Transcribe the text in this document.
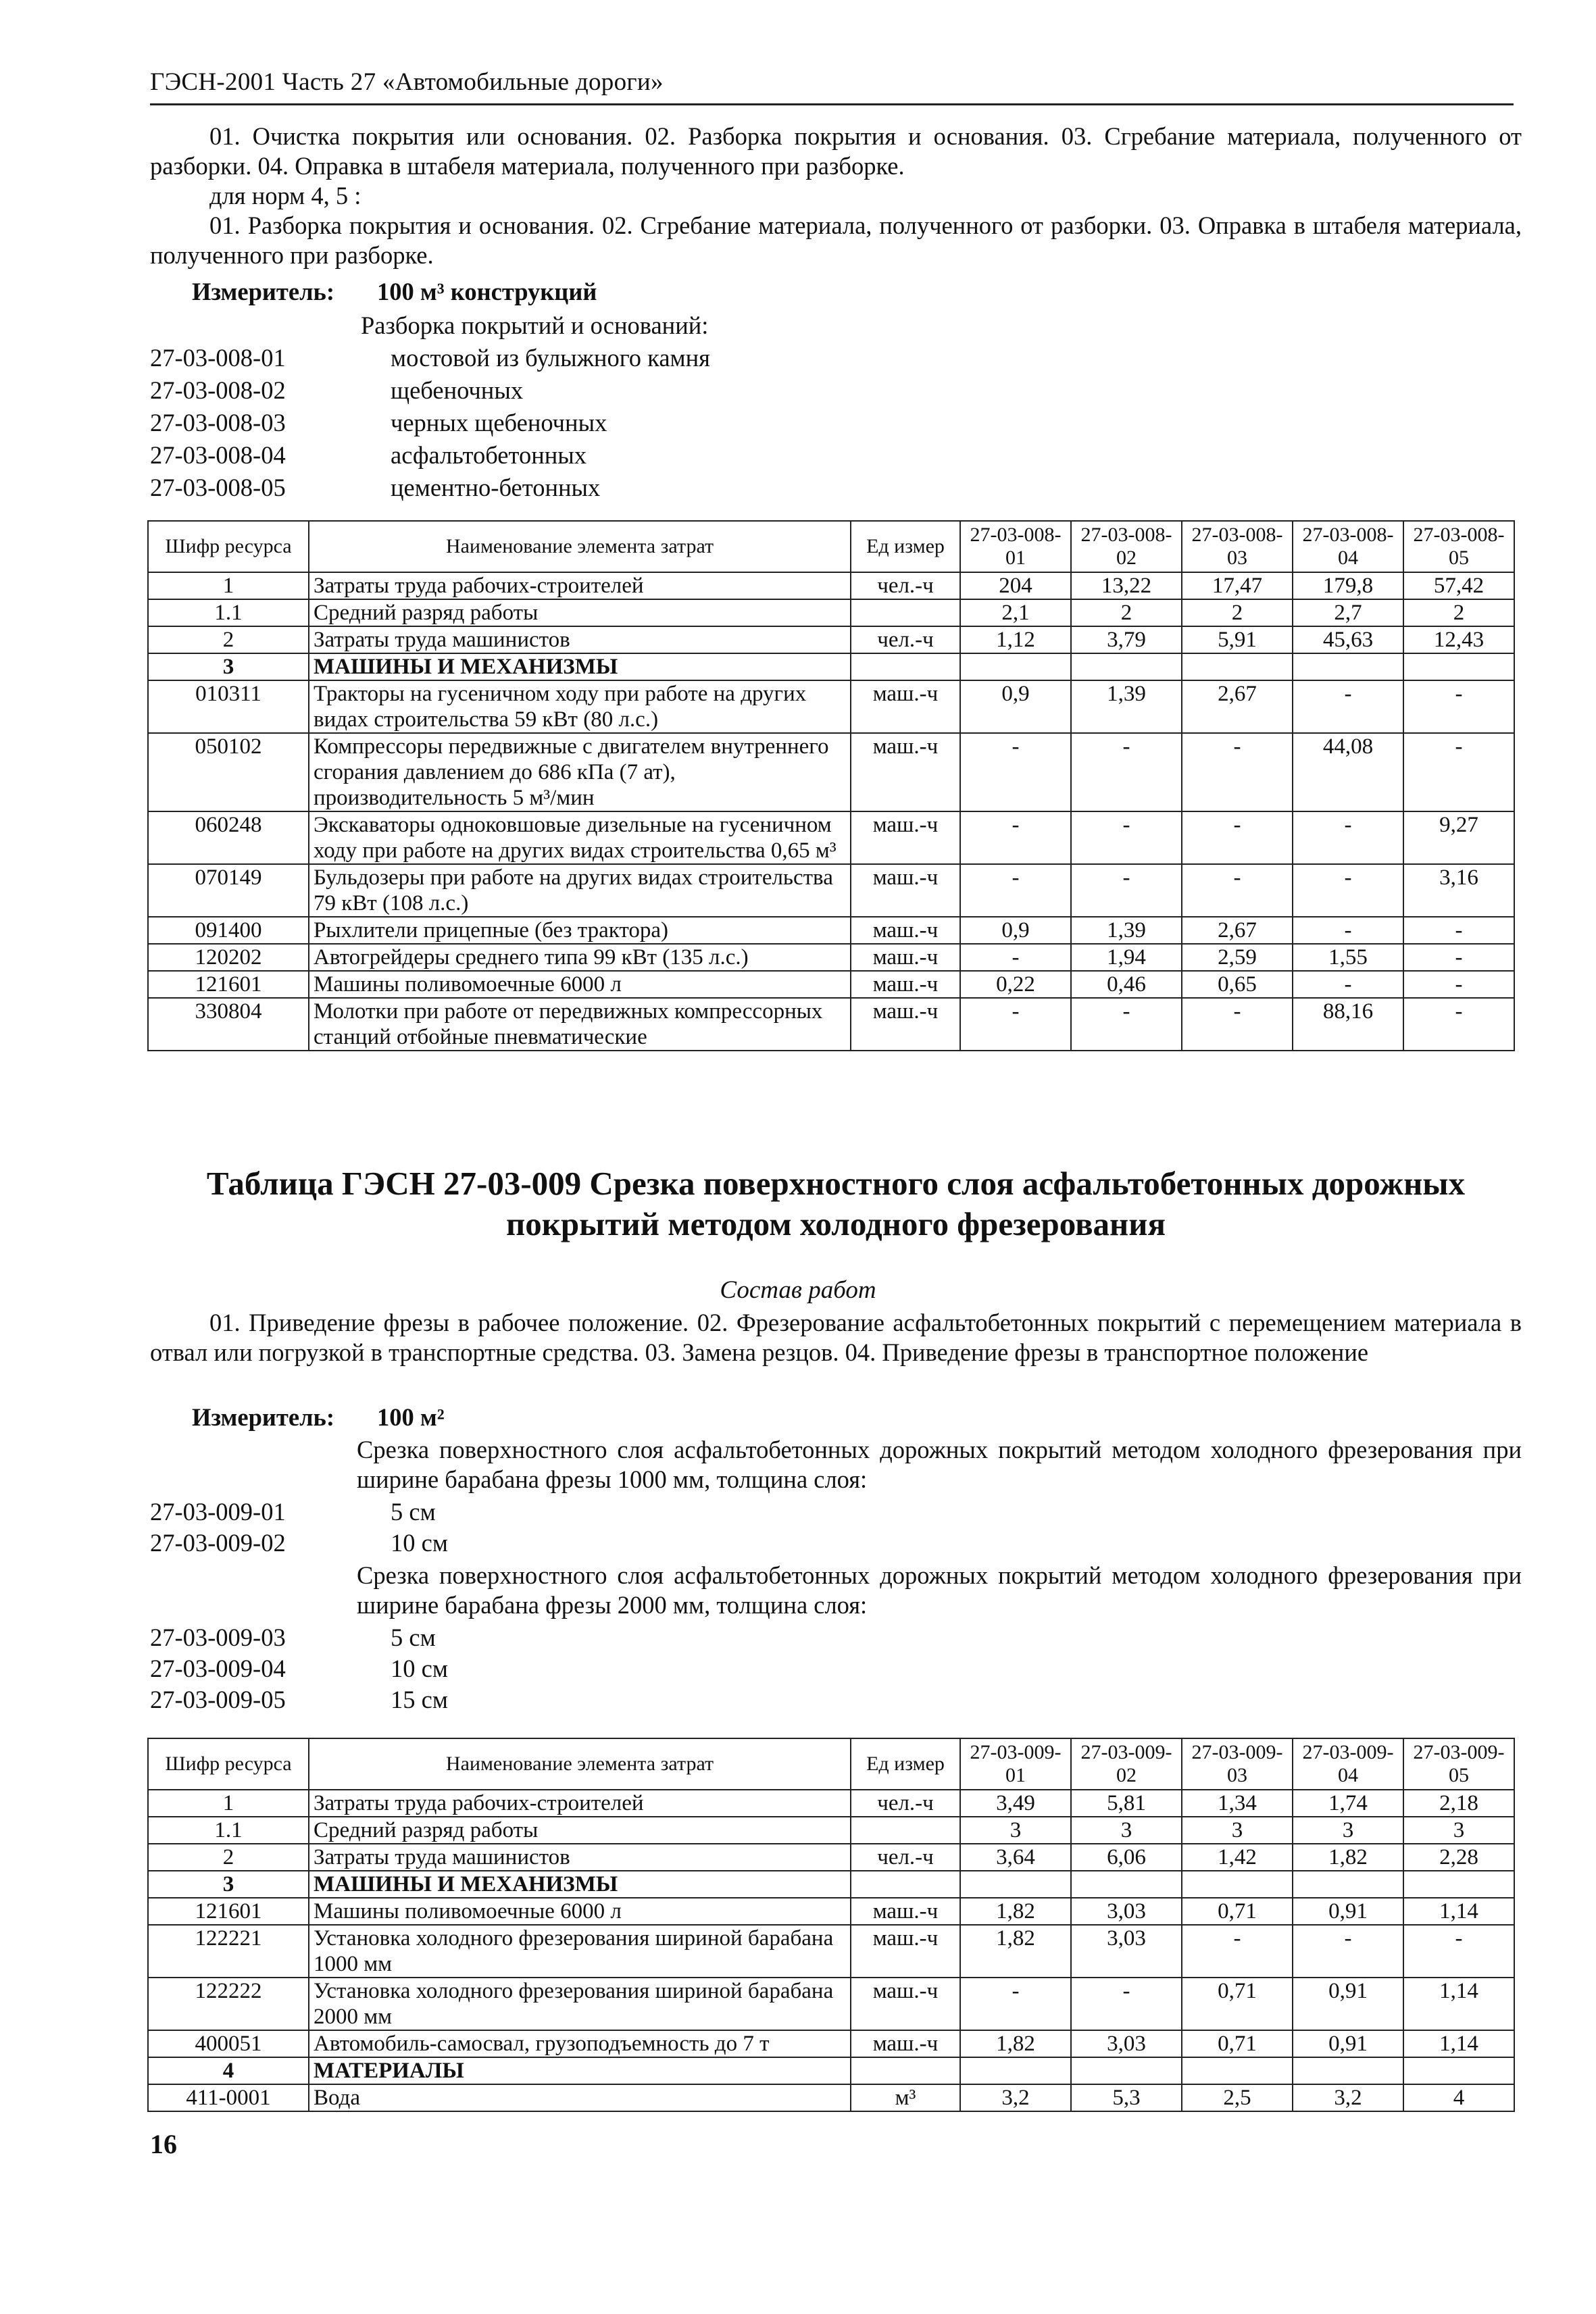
ГЭСН-2001 Часть 27 «Автомобильные дороги»
01. Очистка покрытия или основания. 02. Разборка покрытия и основания. 03. Сгребание материала, полученного от разборки. 04. Оправка в штабеля материала, полученного при разборке.
для норм 4, 5 :
01. Разборка покрытия и основания. 02. Сгребание материала, полученного от разборки. 03. Оправка в штабеля материала, полученного при разборке.
Измеритель: 100 м³ конструкций
Разборка покрытий и оснований:
27-03-008-01	мостовой из булыжного камня
27-03-008-02	щебеночных
27-03-008-03	черных щебеночных
27-03-008-04	асфальтобетонных
27-03-008-05	цементно-бетонных
Шифр ресурса	Наименование элемента затрат	Ед измер	27-03-008-01	27-03-008-02	27-03-008-03	27-03-008-04	27-03-008-05
1	Затраты труда рабочих-строителей	чел.-ч	204	13,22	17,47	179,8	57,42
1.1	Средний разряд работы		2,1	2	2	2,7	2
2	Затраты труда машинистов	чел.-ч	1,12	3,79	5,91	45,63	12,43
3	МАШИНЫ И МЕХАНИЗМЫ						
010311	Тракторы на гусеничном ходу при работе на других видах строительства 59 кВт (80 л.с.)	маш.-ч	0,9	1,39	2,67	-	-
050102	Компрессоры передвижные с двигателем внутреннего сгорания давлением до 686 кПа (7 ат), производительность 5 м³/мин	маш.-ч	-	-	-	44,08	-
060248	Экскаваторы одноковшовые дизельные на гусеничном ходу при работе на других видах строительства 0,65 м³	маш.-ч	-	-	-	-	9,27
070149	Бульдозеры при работе на других видах строительства 79 кВт (108 л.с.)	маш.-ч	-	-	-	-	3,16
091400	Рыхлители прицепные (без трактора)	маш.-ч	0,9	1,39	2,67	-	-
120202	Автогрейдеры среднего типа 99 кВт (135 л.с.)	маш.-ч	-	1,94	2,59	1,55	-
121601	Машины поливомоечные 6000 л	маш.-ч	0,22	0,46	0,65	-	-
330804	Молотки при работе от передвижных компрессорных станций отбойные пневматические	маш.-ч	-	-	-	88,16	-
Таблица ГЭСН 27-03-009 Срезка поверхностного слоя асфальтобетонных дорожных покрытий методом холодного фрезерования
Состав работ
01. Приведение фрезы в рабочее положение. 02. Фрезерование асфальтобетонных покрытий с перемещением материала в отвал или погрузкой в транспортные средства. 03. Замена резцов. 04. Приведение фрезы в транспортное положение
Измеритель: 100 м²
Срезка поверхностного слоя асфальтобетонных дорожных покрытий методом холодного фрезерования при ширине барабана фрезы 1000 мм, толщина слоя:
27-03-009-01	5 см
27-03-009-02	10 см
Срезка поверхностного слоя асфальтобетонных дорожных покрытий методом холодного фрезерования при ширине барабана фрезы 2000 мм, толщина слоя:
27-03-009-03	5 см
27-03-009-04	10 см
27-03-009-05	15 см
Шифр ресурса	Наименование элемента затрат	Ед измер	27-03-009-01	27-03-009-02	27-03-009-03	27-03-009-04	27-03-009-05
1	Затраты труда рабочих-строителей	чел.-ч	3,49	5,81	1,34	1,74	2,18
1.1	Средний разряд работы		3	3	3	3	3
2	Затраты труда машинистов	чел.-ч	3,64	6,06	1,42	1,82	2,28
3	МАШИНЫ И МЕХАНИЗМЫ						
121601	Машины поливомоечные 6000 л	маш.-ч	1,82	3,03	0,71	0,91	1,14
122221	Установка холодного фрезерования шириной барабана 1000 мм	маш.-ч	1,82	3,03	-	-	-
122222	Установка холодного фрезерования шириной барабана 2000 мм	маш.-ч	-	-	0,71	0,91	1,14
400051	Автомобиль-самосвал, грузоподъемность до 7 т	маш.-ч	1,82	3,03	0,71	0,91	1,14
4	МАТЕРИАЛЫ						
411-0001	Вода	м³	3,2	5,3	2,5	3,2	4
16
